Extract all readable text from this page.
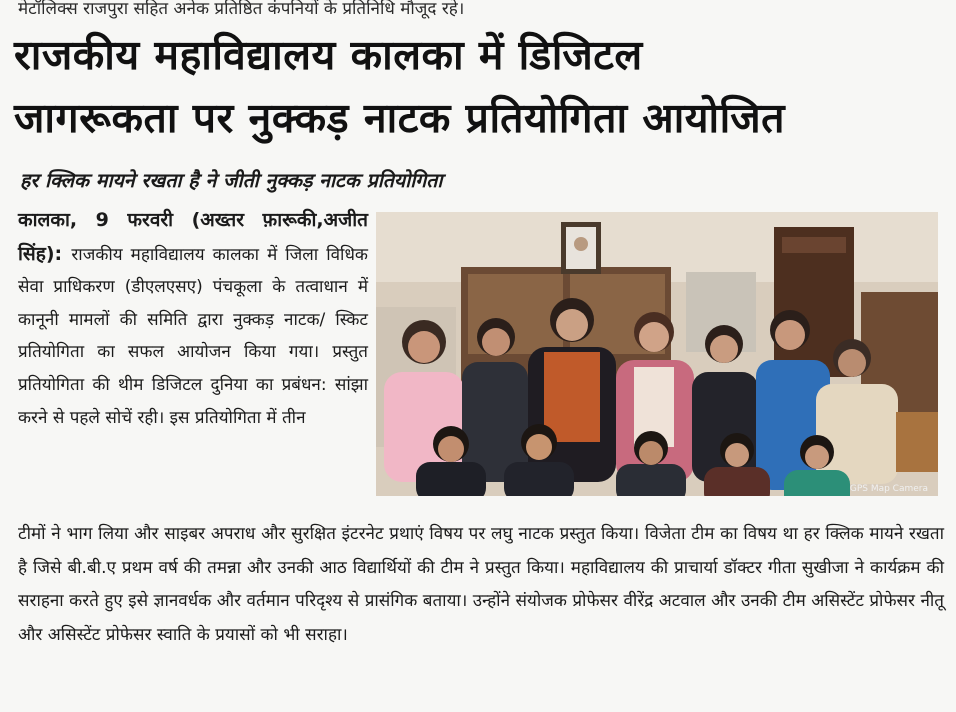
मेटॉलिक्स राजपुरा सहित अनेक प्रतिष्ठित कंपनियों के प्रतिनिधि मौजूद रहे।
राजकीय महाविद्यालय कालका में डिजिटल
जागरूकता पर नुक्कड़ नाटक प्रतियोगिता आयोजित
हर क्लिक मायने रखता है ने जीती नुक्कड़ नाटक प्रतियोगिता
कालका, 9 फरवरी (अख्तर फ़ारूकी,अजीत सिंह): राजकीय महाविद्यालय कालका में जिला विधिक सेवा प्राधिकरण (डीएलएसए) पंचकूला के तत्वाधान में कानूनी मामलों की समिति द्वारा नुक्कड़ नाटक/ स्किट प्रतियोगिता का सफल आयोजन किया गया। प्रस्तुत प्रतियोगिता की थीम डिजिटल दुनिया का प्रबंधन: सांझा करने से पहले सोचें रही। इस प्रतियोगिता में तीन
GPS Map Camera
टीमों ने भाग लिया और साइबर अपराध और सुरक्षित इंटरनेट प्रथाएं विषय पर लघु नाटक प्रस्तुत किया। विजेता टीम का विषय था हर क्लिक मायने रखता है जिसे बी.बी.ए प्रथम वर्ष की तमन्ना और उनकी आठ विद्यार्थियों की टीम ने प्रस्तुत किया। महाविद्यालय की प्राचार्या डॉक्टर गीता सुखीजा ने कार्यक्रम की सराहना करते हुए इसे ज्ञानवर्धक और वर्तमान परिदृश्य से प्रासंगिक बताया। उन्होंने संयोजक प्रोफेसर वीरेंद्र अटवाल और उनकी टीम असिस्टेंट प्रोफेसर नीतू और असिस्टेंट प्रोफेसर स्वाति के प्रयासों को भी सराहा।
